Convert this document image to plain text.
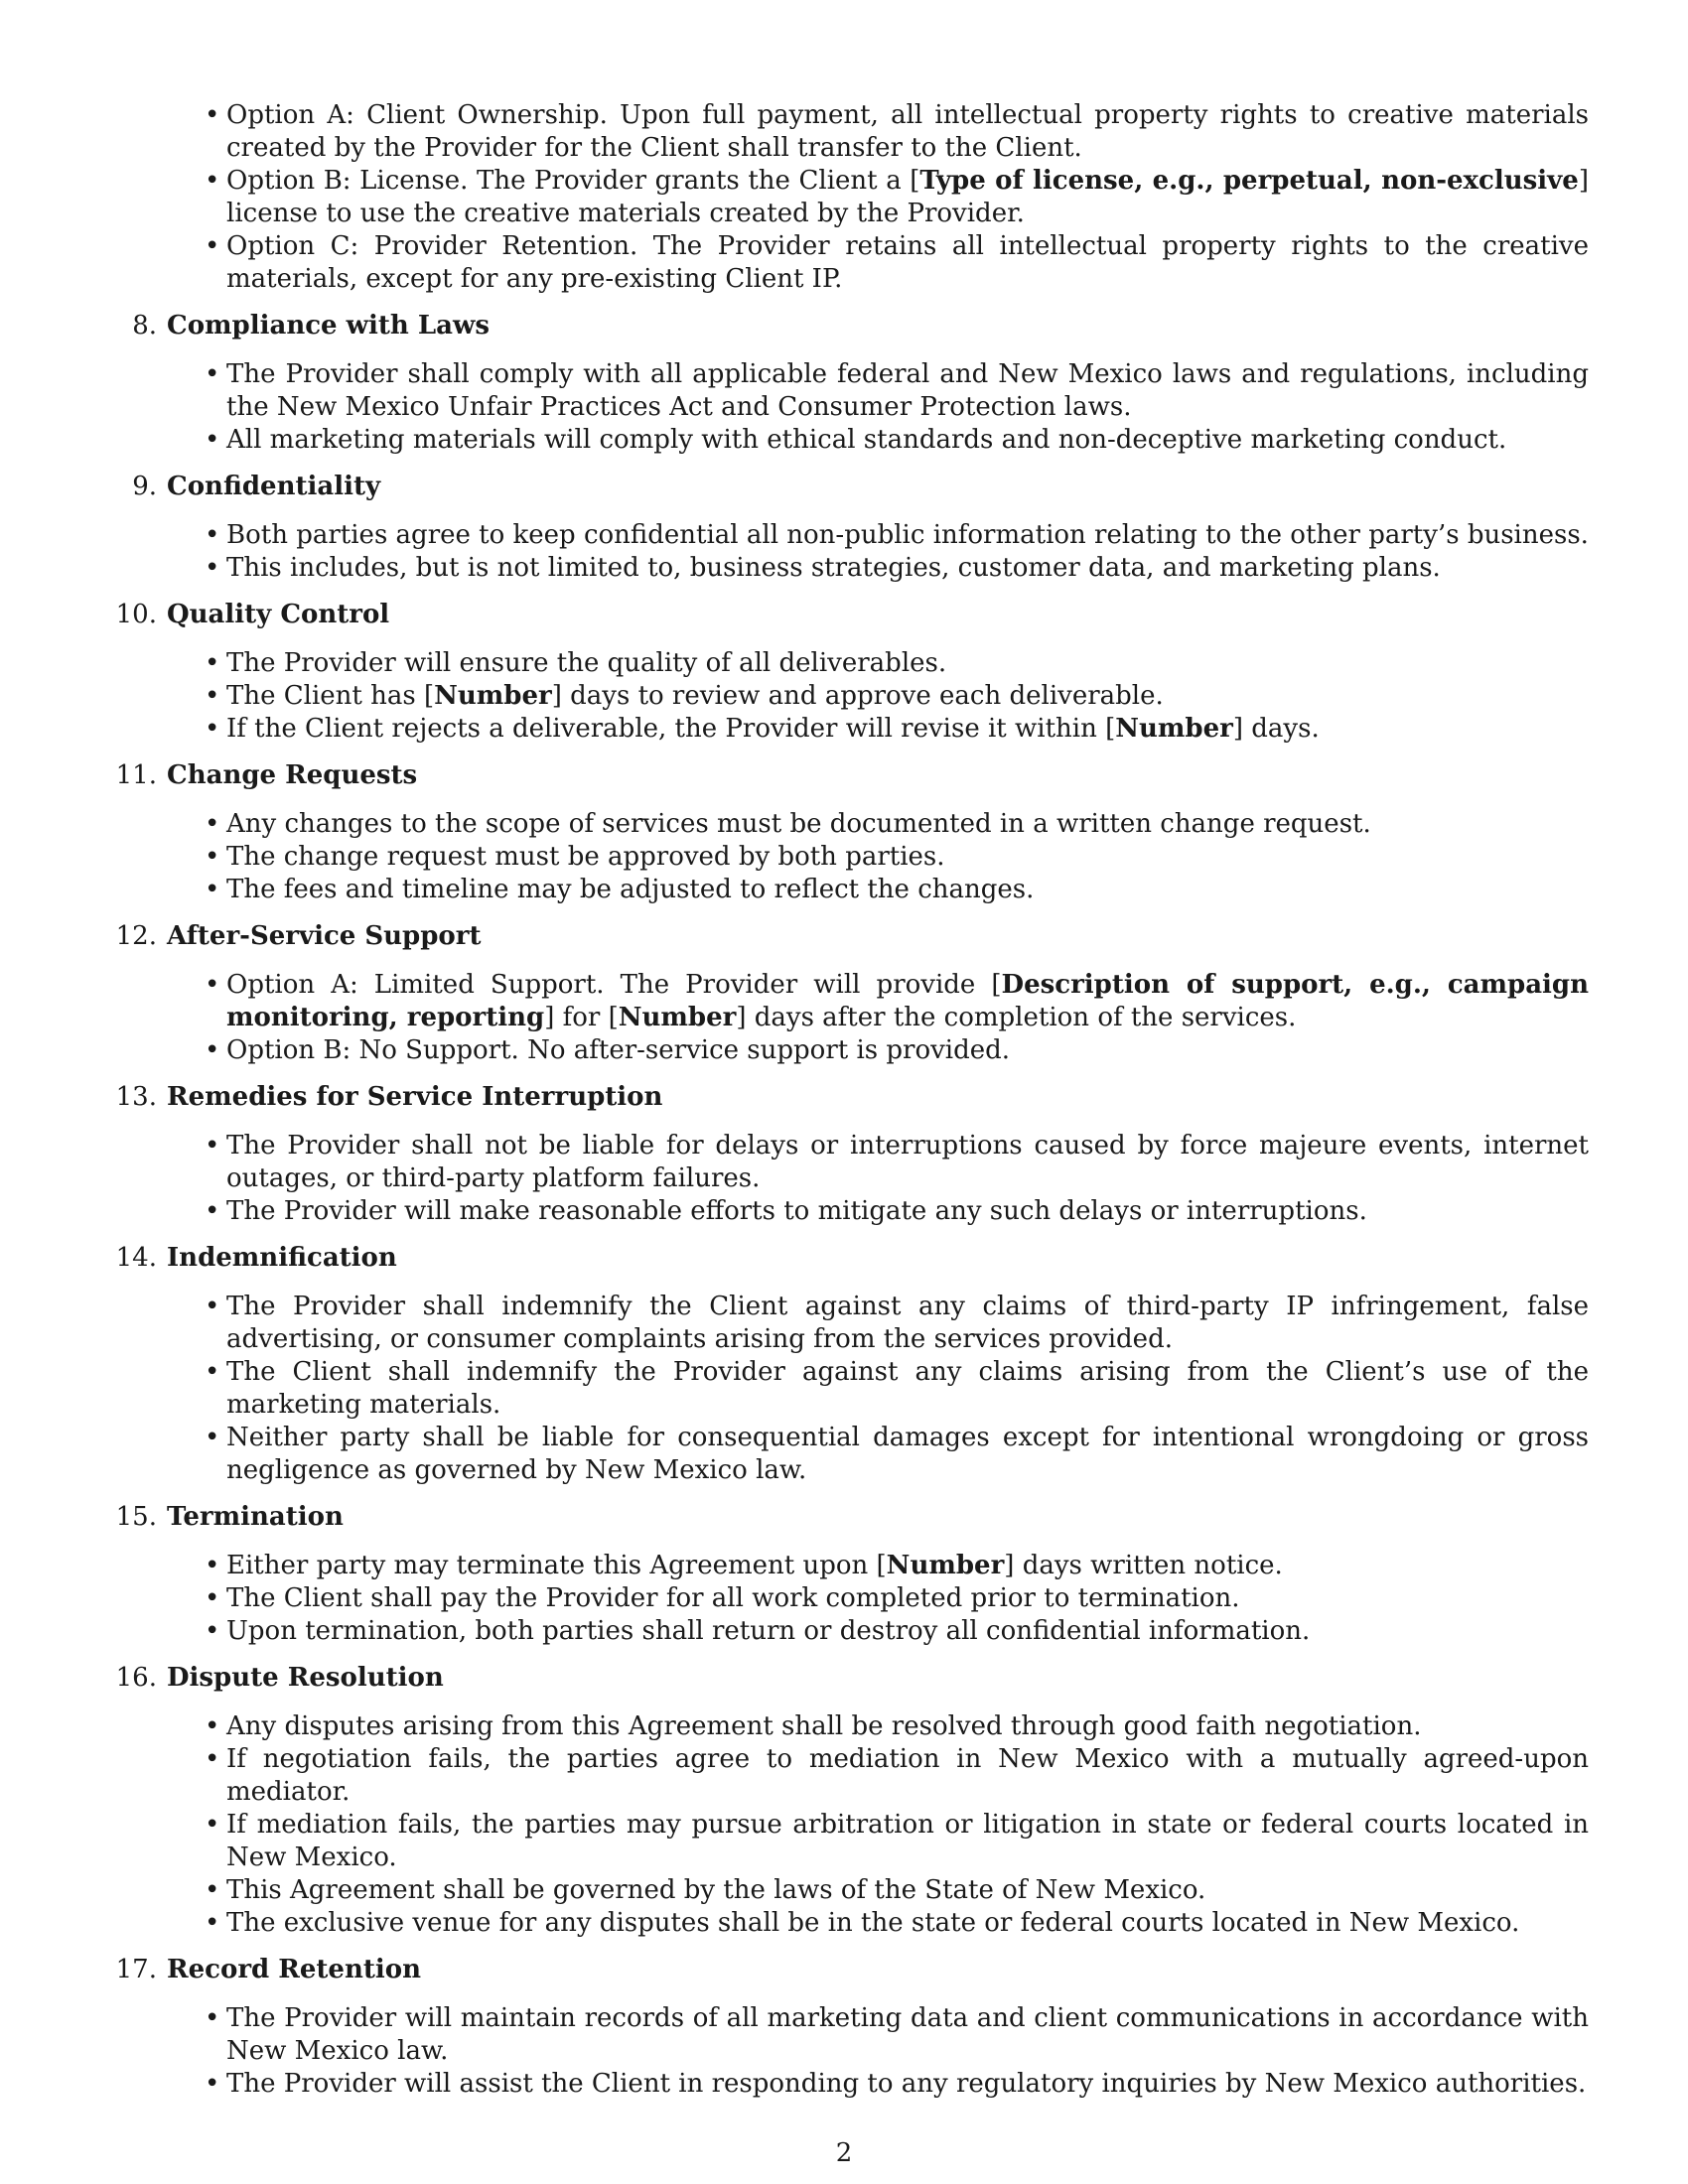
• Option A: Client Ownership. Upon full payment, all intellectual property rights to creative materials created by the Provider for the Client shall transfer to the Client.
• Option B: License. The Provider grants the Client a [Type of license, e.g., perpetual, non-exclusive] license to use the creative materials created by the Provider.
• Option C: Provider Retention. The Provider retains all intellectual property rights to the creative materials, except for any pre-existing Client IP.
8 . Compliance with Laws
• The Provider shall comply with all applicable federal and New Mexico laws and regulations, including the New Mexico Unfair Practices Act and Consumer Protection laws.
• All marketing materials will comply with ethical standards and non-deceptive marketing conduct.
9 . Confidentiality
• Both parties agree to keep confidential all non-public information relating to the other party’s business.
• This includes, but is not limited to, business strategies, customer data, and marketing plans.
10 . Quality Control
• The Provider will ensure the quality of all deliverables.
• The Client has [Number] days to review and approve each deliverable.
• If the Client rejects a deliverable, the Provider will revise it within [Number] days.
11 . Change Requests
• Any changes to the scope of services must be documented in a written change request.
• The change request must be approved by both parties.
• The fees and timeline may be adjusted to reflect the changes.
12 . After-Service Support
• Option A: Limited Support. The Provider will provide [Description of support, e.g., campaign monitoring, reporting] for [Number] days after the completion of the services.
• Option B: No Support. No after-service support is provided.
13 . Remedies for Service Interruption
• The Provider shall not be liable for delays or interruptions caused by force majeure events, internet outages, or third-party platform failures.
• The Provider will make reasonable efforts to mitigate any such delays or interruptions.
14 . Indemnification
• The Provider shall indemnify the Client against any claims of third-party IP infringement, false advertising, or consumer complaints arising from the services provided.
• The Client shall indemnify the Provider against any claims arising from the Client’s use of the marketing materials.
• Neither party shall be liable for consequential damages except for intentional wrongdoing or gross negligence as governed by New Mexico law.
15 . Termination
• Either party may terminate this Agreement upon [Number] days written notice.
• The Client shall pay the Provider for all work completed prior to termination.
• Upon termination, both parties shall return or destroy all confidential information.
16 . Dispute Resolution
• Any disputes arising from this Agreement shall be resolved through good faith negotiation.
• If negotiation fails, the parties agree to mediation in New Mexico with a mutually agreed-upon mediator.
• If mediation fails, the parties may pursue arbitration or litigation in state or federal courts located in New Mexico.
• This Agreement shall be governed by the laws of the State of New Mexico.
• The exclusive venue for any disputes shall be in the state or federal courts located in New Mexico.
17 . Record Retention
• The Provider will maintain records of all marketing data and client communications in accordance with New Mexico law.
• The Provider will assist the Client in responding to any regulatory inquiries by New Mexico authorities.
2
